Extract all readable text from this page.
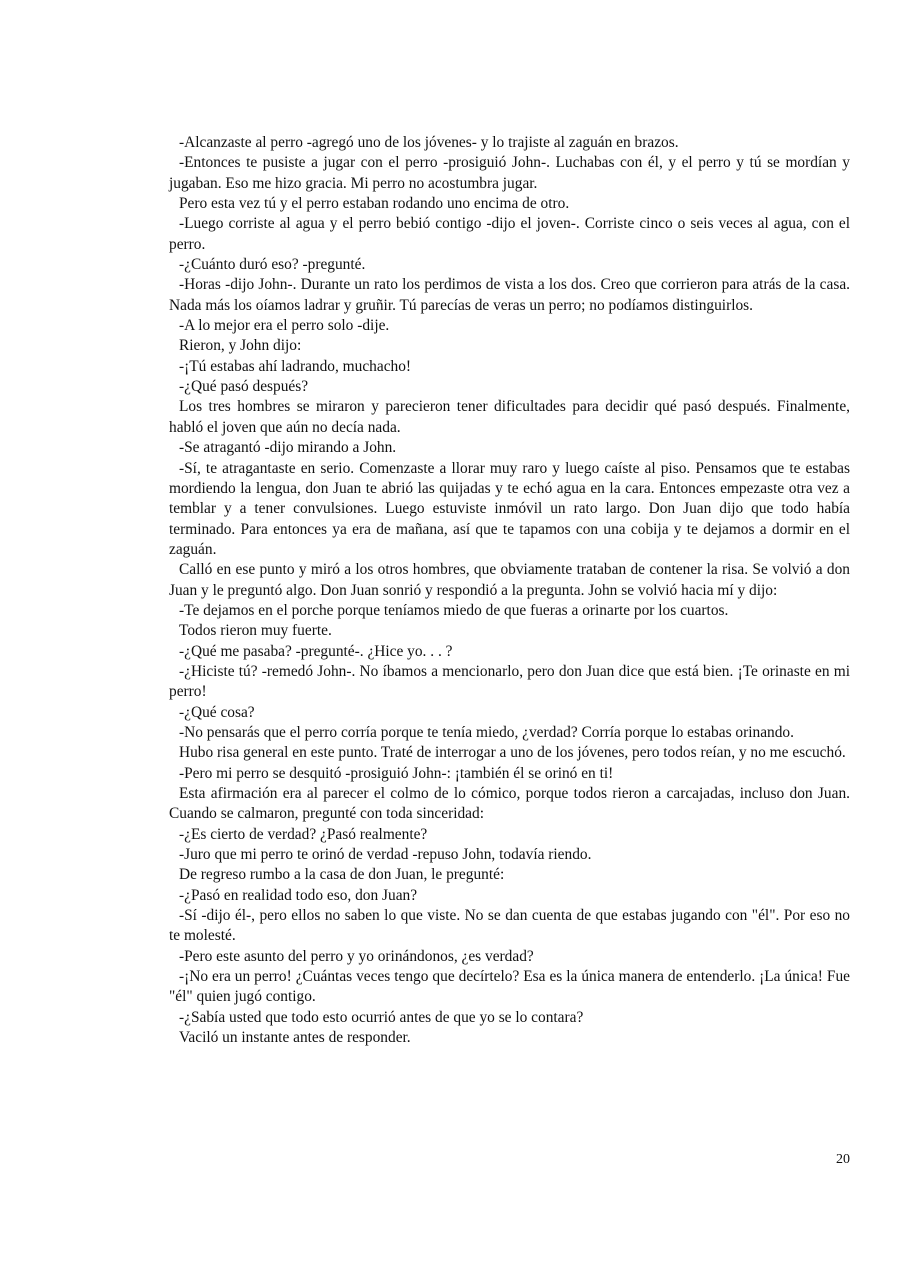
-Alcanzaste al perro -agregó uno de los jóvenes- y lo trajiste al zaguán en brazos.

-Entonces te pusiste a jugar con el perro -prosiguió John-. Luchabas con él, y el perro y tú se mordían y jugaban. Eso me hizo gracia. Mi perro no acostumbra jugar.

Pero esta vez tú y el perro estaban rodando uno encima de otro.

-Luego corriste al agua y el perro bebió contigo -dijo el joven-. Corriste cinco o seis veces al agua, con el perro.

-¿Cuánto duró eso? -pregunté.

-Horas -dijo John-. Durante un rato los perdimos de vista a los dos. Creo que corrieron para atrás de la casa. Nada más los oíamos ladrar y gruñir. Tú parecías de veras un perro; no podíamos distinguirlos.

-A lo mejor era el perro solo -dije.

Rieron, y John dijo:

-¡Tú estabas ahí ladrando, muchacho!

-¿Qué pasó después?

Los tres hombres se miraron y parecieron tener dificultades para decidir qué pasó después. Finalmente, habló el joven que aún no decía nada.

-Se atragantó -dijo mirando a John.

-Sí, te atragantaste en serio. Comenzaste a llorar muy raro y luego caíste al piso. Pensamos que te estabas mordiendo la lengua, don Juan te abrió las quijadas y te echó agua en la cara. Entonces empezaste otra vez a temblar y a tener convulsiones. Luego estuviste inmóvil un rato largo. Don Juan dijo que todo había terminado. Para entonces ya era de mañana, así que te tapamos con una cobija y te dejamos a dormir en el zaguán.

Calló en ese punto y miró a los otros hombres, que obviamente trataban de contener la risa. Se volvió a don Juan y le preguntó algo. Don Juan sonrió y respondió a la pregunta. John se volvió hacia mí y dijo:

-Te dejamos en el porche porque teníamos miedo de que fueras a orinarte por los cuartos.

Todos rieron muy fuerte.

-¿Qué me pasaba? -pregunté-. ¿Hice yo. . . ?

-¿Hiciste tú? -remedó John-. No íbamos a mencionarlo, pero don Juan dice que está bien. ¡Te orinaste en mi perro!

-¿Qué cosa?

-No pensarás que el perro corría porque te tenía miedo, ¿verdad? Corría porque lo estabas orinando.

Hubo risa general en este punto. Traté de interrogar a uno de los jóvenes, pero todos reían, y no me escuchó.

-Pero mi perro se desquitó -prosiguió John-: ¡también él se orinó en ti!

Esta afirmación era al parecer el colmo de lo cómico, porque todos rieron a carcajadas, incluso don Juan. Cuando se calmaron, pregunté con toda sinceridad:

-¿Es cierto de verdad? ¿Pasó realmente?

-Juro que mi perro te orinó de verdad -repuso John, todavía riendo.

De regreso rumbo a la casa de don Juan, le pregunté:

-¿Pasó en realidad todo eso, don Juan?

-Sí -dijo él-, pero ellos no saben lo que viste. No se dan cuenta de que estabas jugando con "él". Por eso no te molesté.

-Pero este asunto del perro y yo orinándonos, ¿es verdad?

-¡No era un perro! ¿Cuántas veces tengo que decírtelo? Esa es la única manera de entenderlo. ¡La única! Fue "él" quien jugó contigo.

-¿Sabía usted que todo esto ocurrió antes de que yo se lo contara?

Vaciló un instante antes de responder.

20
